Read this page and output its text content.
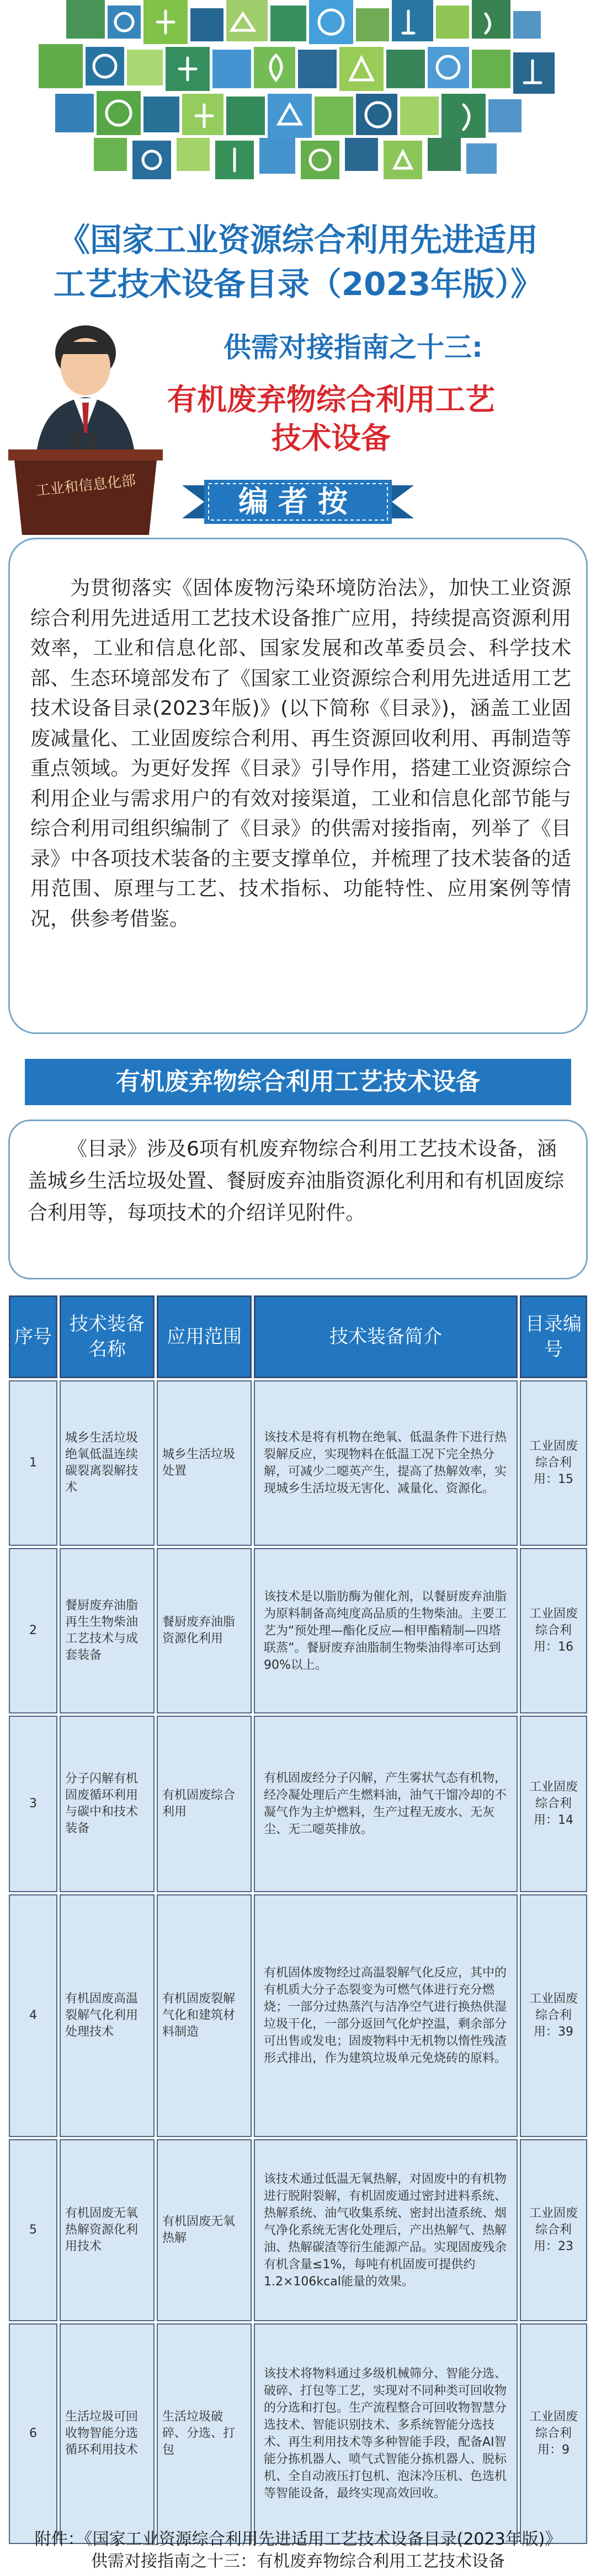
《国家工业资源综合利用先进适用
工艺技术设备目录（2023年版）》
工业和信息化部
供需对接指南之十三:
有机废弃物综合利用工艺
技术设备
编者按
为贯彻落实《固体废物污染环境防治法》，加快工业资源综合利用先进适用工艺技术设备推广应用，持续提高资源利用效率，工业和信息化部、国家发展和改革委员会、科学技术部、生态环境部发布了《国家工业资源综合利用先进适用工艺技术设备目录(2023年版)》(以下简称《目录》)，涵盖工业固废减量化、工业固废综合利用、再生资源回收利用、再制造等重点领域。为更好发挥《目录》引导作用，搭建工业资源综合利用企业与需求用户的有效对接渠道，工业和信息化部节能与综合利用司组织编制了《目录》的供需对接指南，列举了《目录》中各项技术装备的主要支撑单位，并梳理了技术装备的适用范围、原理与工艺、技术指标、功能特性、应用案例等情况，供参考借鉴。
有机废弃物综合利用工艺技术设备
《目录》涉及6项有机废弃物综合利用工艺技术设备，涵盖城乡生活垃圾处置、餐厨废弃油脂资源化利用和有机固废综合利用等，每项技术的介绍详见附件。
序号	技术装备名称	应用范围	技术装备简介	目录编号
1	城乡生活垃圾绝氧低温连续碳裂离裂解技术	城乡生活垃圾处置	该技术是将有机物在绝氧、低温条件下进行热裂解反应，实现物料在低温工况下完全热分解，可减少二噁英产生，提高了热解效率，实现城乡生活垃圾无害化、减量化、资源化。	工业固废综合利用：15
2	餐厨废弃油脂再生生物柴油工艺技术与成套装备	餐厨废弃油脂资源化利用	该技术是以脂肪酶为催化剂，以餐厨废弃油脂为原料制备高纯度高品质的生物柴油。主要工艺为“预处理—酯化反应—相甲酯精制—四塔联蒸”。餐厨废弃油脂制生物柴油得率可达到90%以上。	工业固废综合利用：16
3	分子闪解有机固废循环利用与碳中和技术装备	有机固废综合利用	有机固废经分子闪解，产生雾状气态有机物，经冷凝处理后产生燃料油，油气干馏冷却的不凝气作为主炉燃料，生产过程无废水、无灰尘、无二噁英排放。	工业固废综合利用：14
4	有机固废高温裂解气化利用处理技术	有机固废裂解气化和建筑材料制造	有机固体废物经过高温裂解气化反应，其中的有机质大分子态裂变为可燃气体进行充分燃烧；一部分过热蒸汽与洁净空气进行换热供湿垃圾干化，一部分返回气化炉控温，剩余部分可出售或发电；固废物料中无机物以惰性残渣形式排出，作为建筑垃圾单元免烧砖的原料。	工业固废综合利用：39
5	有机固废无氧热解资源化利用技术	有机固废无氧热解	该技术通过低温无氧热解，对固废中的有机物进行脱附裂解，有机固废通过密封进料系统、热解系统、油气收集系统、密封出渣系统、烟气净化系统无害化处理后，产出热解气、热解油、热解碳渣等衍生能源产品。实现固废残余有机含量≤1%，每吨有机固废可提供约1.2×106kcal能量的效果。	工业固废综合利用：23
6	生活垃圾可回收物智能分选循环利用技术	生活垃圾破碎、分选、打包	该技术将物料通过多级机械筛分、智能分选、破碎、打包等工艺，实现对不同种类可回收物的分选和打包。生产流程整合可回收物智慧分选技术、智能识别技术、多系统智能分选技术、再生利用技术等多种智能手段，配备AI智能分拣机器人、喷气式智能分拣机器人、脱标机、全自动液压打包机、泡沫冷压机、色选机等智能设备，最终实现高效回收。	工业固废综合利用：9
附件：《国家工业资源综合利用先进适用工艺技术设备目录(2023年版)》
供需对接指南之十三：有机废弃物综合利用工艺技术设备
